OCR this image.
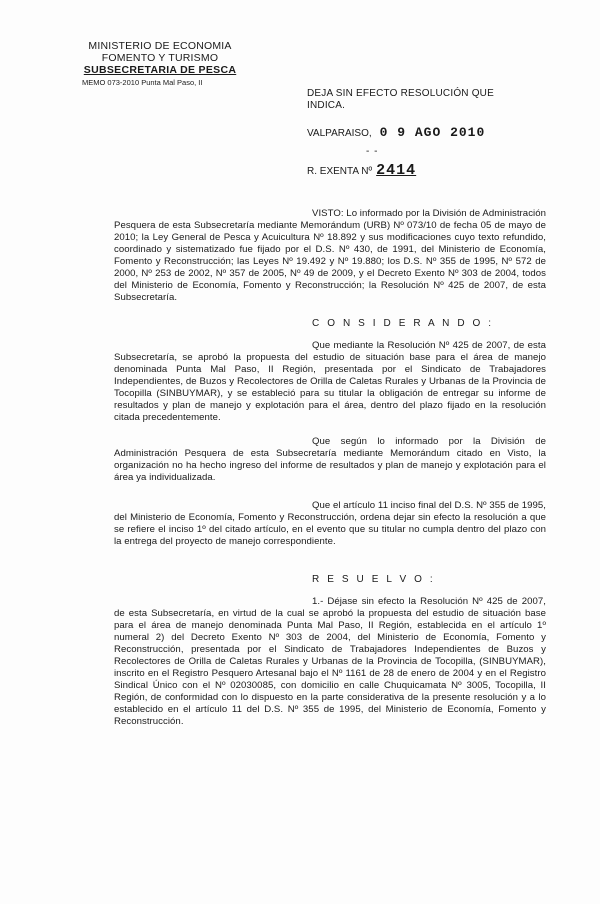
MINISTERIO DE ECONOMIA
FOMENTO Y TURISMO
SUBSECRETARIA DE PESCA
MEMO 073-2010 Punta Mal Paso, II
DEJA SIN EFECTO RESOLUCIÓN QUE INDICA.
VALPARAISO, 0 9 AGO 2010
- -
R. EXENTA Nº 2414

VISTO: Lo informado por la División de Administración Pesquera de esta Subsecretaría mediante Memorándum (URB) Nº 073/10 de fecha 05 de mayo de 2010; la Ley General de Pesca y Acuicultura Nº 18.892 y sus modificaciones cuyo texto refundido, coordinado y sistematizado fue fijado por el D.S. Nº 430, de 1991, del Ministerio de Economía, Fomento y Reconstrucción; las Leyes Nº 19.492 y Nº 19.880; los D.S. Nº 355 de 1995, Nº 572 de 2000, Nº 253 de 2002, Nº 357 de 2005, Nº 49 de 2009, y el Decreto Exento Nº 303 de 2004, todos del Ministerio de Economía, Fomento y Reconstrucción; la Resolución Nº 425 de 2007, de esta Subsecretaría.

C O N S I D E R A N D O :

Que mediante la Resolución Nº 425 de 2007, de esta Subsecretaría, se aprobó la propuesta del estudio de situación base para el área de manejo denominada Punta Mal Paso, II Región, presentada por el Sindicato de Trabajadores Independientes, de Buzos y Recolectores de Orilla de Caletas Rurales y Urbanas de la Provincia de Tocopilla (SINBUYMAR), y se estableció para su titular la obligación de entregar su informe de resultados y plan de manejo y explotación para el área, dentro del plazo fijado en la resolución citada precedentemente.

Que según lo informado por la División de Administración Pesquera de esta Subsecretaría mediante Memorándum citado en Visto, la organización no ha hecho ingreso del informe de resultados y plan de manejo y explotación para el área ya individualizada.

Que el artículo 11 inciso final del D.S. Nº 355 de 1995, del Ministerio de Economía, Fomento y Reconstrucción, ordena dejar sin efecto la resolución a que se refiere el inciso 1º del citado artículo, en el evento que su titular no cumpla dentro del plazo con la entrega del proyecto de manejo correspondiente.

R E S U E L V O :

1.- Déjase sin efecto la Resolución Nº 425 de 2007, de esta Subsecretaría, en virtud de la cual se aprobó la propuesta del estudio de situación base para el área de manejo denominada Punta Mal Paso, II Región, establecida en el artículo 1º numeral 2) del Decreto Exento Nº 303 de 2004, del Ministerio de Economía, Fomento y Reconstrucción, presentada por el Sindicato de Trabajadores Independientes de Buzos y Recolectores de Orilla de Caletas Rurales y Urbanas de la Provincia de Tocopilla, (SINBUYMAR), inscrito en el Registro Pesquero Artesanal bajo el Nº 1161 de 28 de enero de 2004 y en el Registro Sindical Único con el Nº 02030085, con domicilio en calle Chuquicamata Nº 3005, Tocopilla, II Región, de conformidad con lo dispuesto en la parte considerativa de la presente resolución y a lo establecido en el artículo 11 del D.S. Nº 355 de 1995, del Ministerio de Economía, Fomento y Reconstrucción.
